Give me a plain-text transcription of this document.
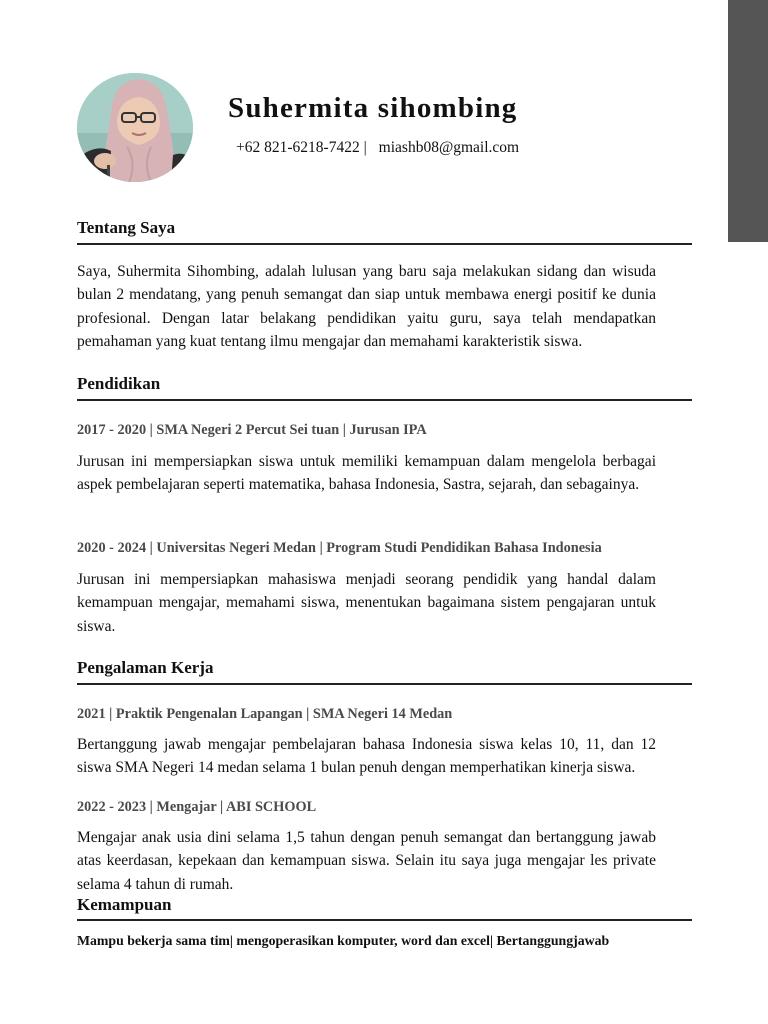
Suhermita sihombing
+62 821-6218-7422 | miashb08@gmail.com
Tentang Saya

Saya, Suhermita Sihombing, adalah lulusan yang baru saja melakukan sidang dan wisuda bulan 2 mendatang, yang penuh semangat dan siap untuk membawa energi positif ke dunia profesional. Dengan latar belakang pendidikan yaitu guru, saya telah mendapatkan pemahaman yang kuat tentang ilmu mengajar dan memahami karakteristik siswa.

Pendidikan
2017 - 2020 | SMA Negeri 2 Percut Sei tuan | Jurusan IPA

Jurusan ini mempersiapkan siswa untuk memiliki kemampuan dalam mengelola berbagai aspek pembelajaran seperti matematika, bahasa Indonesia, Sastra, sejarah, dan sebagainya.

2020 - 2024 | Universitas Negeri Medan | Program Studi Pendidikan Bahasa Indonesia

Jurusan ini mempersiapkan mahasiswa menjadi seorang pendidik yang handal dalam kemampuan mengajar, memahami siswa, menentukan bagaimana sistem pengajaran untuk siswa.

Pengalaman Kerja
2021 | Praktik Pengenalan Lapangan | SMA Negeri 14 Medan

Bertanggung jawab mengajar pembelajaran bahasa Indonesia siswa kelas 10, 11, dan 12 siswa SMA Negeri 14 medan selama 1 bulan penuh dengan memperhatikan kinerja siswa.

2022 - 2023 | Mengajar | ABI SCHOOL

Mengajar anak usia dini selama 1,5 tahun dengan penuh semangat dan bertanggung jawab atas keerdasan, kepekaan dan kemampuan siswa. Selain itu saya juga mengajar les private selama 4 tahun di rumah.

Kemampuan
Mampu bekerja sama tim| mengoperasikan komputer, word dan excel| Bertanggungjawab
